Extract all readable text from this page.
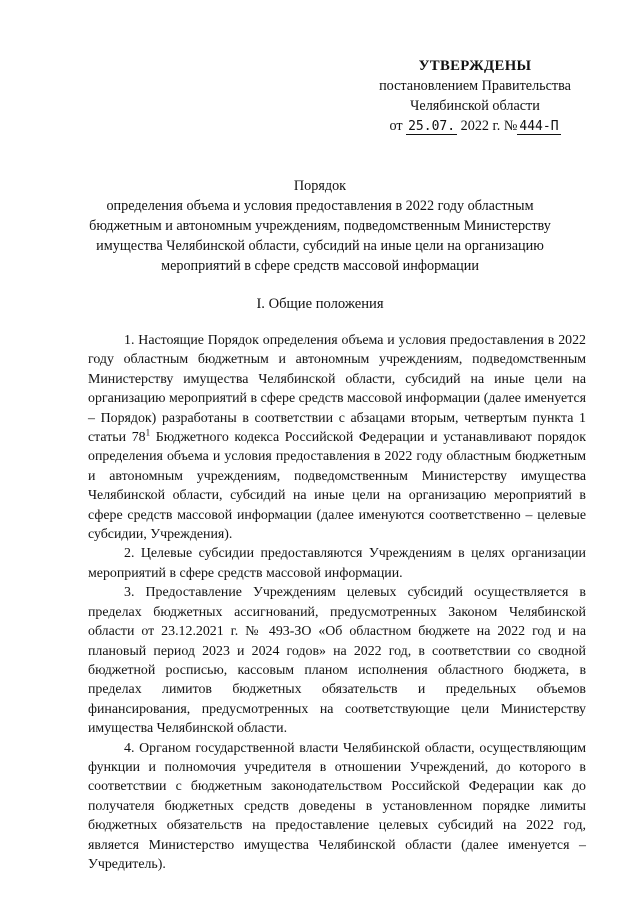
УТВЕРЖДЕНЫ
постановлением Правительства
Челябинской области
от 25.07. 2022 г. № 444-П
Порядок
определения объема и условия предоставления в 2022 году областным
бюджетным и автономным учреждениям, подведомственным Министерству
имущества Челябинской области, субсидий на иные цели на организацию
мероприятий в сфере средств массовой информации
I. Общие положения

1. Настоящие Порядок определения объема и условия предоставления в 2022 году областным бюджетным и автономным учреждениям, подведомственным Министерству имущества Челябинской области, субсидий на иные цели на организацию мероприятий в сфере средств массовой информации (далее именуется – Порядок) разработаны в соответствии с абзацами вторым, четвертым пункта 1 статьи $78^1$ Бюджетного кодекса Российской Федерации и устанавливают порядок определения объема и условия предоставления в 2022 году областным бюджетным и автономным учреждениям, подведомственным Министерству имущества Челябинской области, субсидий на иные цели на организацию мероприятий в сфере средств массовой информации (далее именуются соответственно – целевые субсидии, Учреждения).

2. Целевые субсидии предоставляются Учреждениям в целях организации мероприятий в сфере средств массовой информации.

3. Предоставление Учреждениям целевых субсидий осуществляется в пределах бюджетных ассигнований, предусмотренных Законом Челябинской области от 23.12.2021 г. № 493-ЗО «Об областном бюджете на 2022 год и на плановый период 2023 и 2024 годов» на 2022 год, в соответствии со сводной бюджетной росписью, кассовым планом исполнения областного бюджета, в пределах лимитов бюджетных обязательств и предельных объемов финансирования, предусмотренных на соответствующие цели Министерству имущества Челябинской области.

4. Органом государственной власти Челябинской области, осуществляющим функции и полномочия учредителя в отношении Учреждений, до которого в соответствии с бюджетным законодательством Российской Федерации как до получателя бюджетных средств доведены в установленном порядке лимиты бюджетных обязательств на предоставление целевых субсидий на 2022 год, является Министерство имущества Челябинской области (далее именуется – Учредитель).
